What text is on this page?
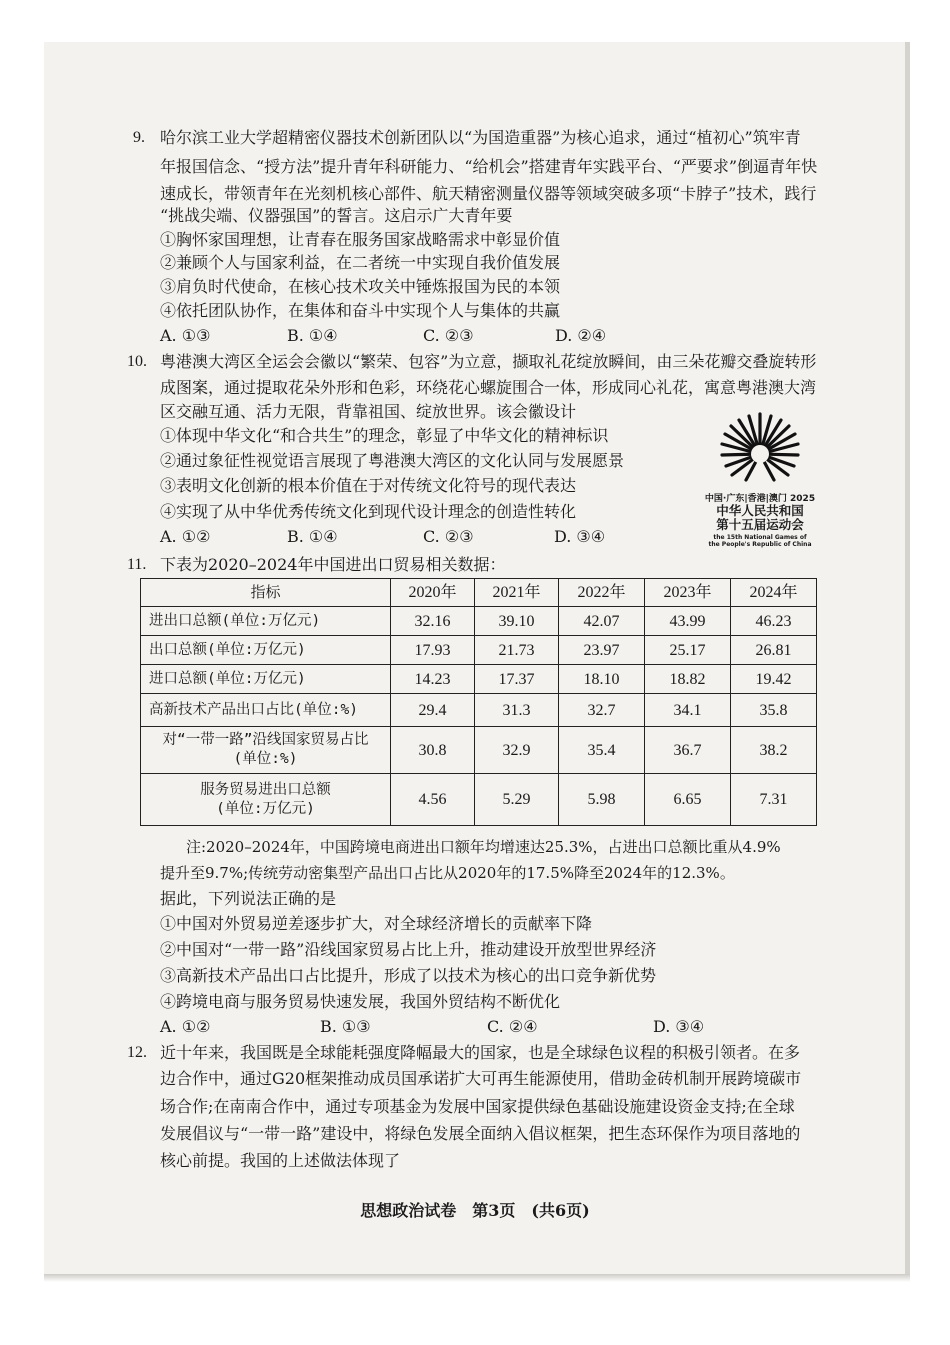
9. 哈尔滨工业大学超精密仪器技术创新团队以“为国造重器”为核心追求，通过“植初心”筑牢青
年报国信念、“授方法”提升青年科研能力、“给机会”搭建青年实践平台、“严要求”倒逼青年快
速成长，带领青年在光刻机核心部件、航天精密测量仪器等领域突破多项“卡脖子”技术，践行
“挑战尖端、仪器强国”的誓言。这启示广大青年要
①胸怀家国理想，让青春在服务国家战略需求中彰显价值
②兼顾个人与国家利益，在二者统一中实现自我价值发展
③肩负时代使命，在核心技术攻关中锤炼报国为民的本领
④依托团队协作，在集体和奋斗中实现个人与集体的共赢
A. ①③	B. ①④	C. ②③	D. ②④
10. 粤港澳大湾区全运会会徽以“繁荣、包容”为立意，撷取礼花绽放瞬间，由三朵花瓣交叠旋转形
成图案，通过提取花朵外形和色彩，环绕花心螺旋围合一体，形成同心礼花，寓意粤港澳大湾
区交融互通、活力无限，背靠祖国、绽放世界。该会徽设计
①体现中华文化“和合共生”的理念，彰显了中华文化的精神标识
②通过象征性视觉语言展现了粤港澳大湾区的文化认同与发展愿景
③表明文化创新的根本价值在于对传统文化符号的现代表达
④实现了从中华优秀传统文化到现代设计理念的创造性转化
A. ①②	B. ①④	C. ②③	D. ③④
中国·广东|香港|澳门 2025
中华人民共和国
第十五届运动会
the 15th National Games of
the People's Republic of China
11. 下表为2020–2024年中国进出口贸易相关数据：
指标	2020年	2021年	2022年	2023年	2024年
进出口总额(单位:万亿元)	32.16	39.10	42.07	43.99	46.23
出口总额(单位:万亿元)	17.93	21.73	23.97	25.17	26.81
进口总额(单位:万亿元)	14.23	17.37	18.10	18.82	19.42
高新技术产品出口占比(单位:%)	29.4	31.3	32.7	34.1	35.8

对“一带一路”沿线国家贸易占比
(单位:%)	30.8	32.9	35.4	36.7	38.2

服务贸易进出口总额
(单位:万亿元)	4.56	5.29	5.98	6.65	7.31
注:2020–2024年，中国跨境电商进出口额年均增速达25.3%，占进出口总额比重从4.9%
提升至9.7%;传统劳动密集型产品出口占比从2020年的17.5%降至2024年的12.3%。
据此，下列说法正确的是
①中国对外贸易逆差逐步扩大，对全球经济增长的贡献率下降
②中国对“一带一路”沿线国家贸易占比上升，推动建设开放型世界经济
③高新技术产品出口占比提升，形成了以技术为核心的出口竞争新优势
④跨境电商与服务贸易快速发展，我国外贸结构不断优化
A. ①②	B. ①③	C. ②④	D. ③④
12. 近十年来，我国既是全球能耗强度降幅最大的国家，也是全球绿色议程的积极引领者。在多
边合作中，通过G20框架推动成员国承诺扩大可再生能源使用，借助金砖机制开展跨境碳市
场合作;在南南合作中，通过专项基金为发展中国家提供绿色基础设施建设资金支持;在全球
发展倡议与“一带一路”建设中，将绿色发展全面纳入倡议框架，把生态环保作为项目落地的
核心前提。我国的上述做法体现了
思想政治试卷　第3页　(共6页)
